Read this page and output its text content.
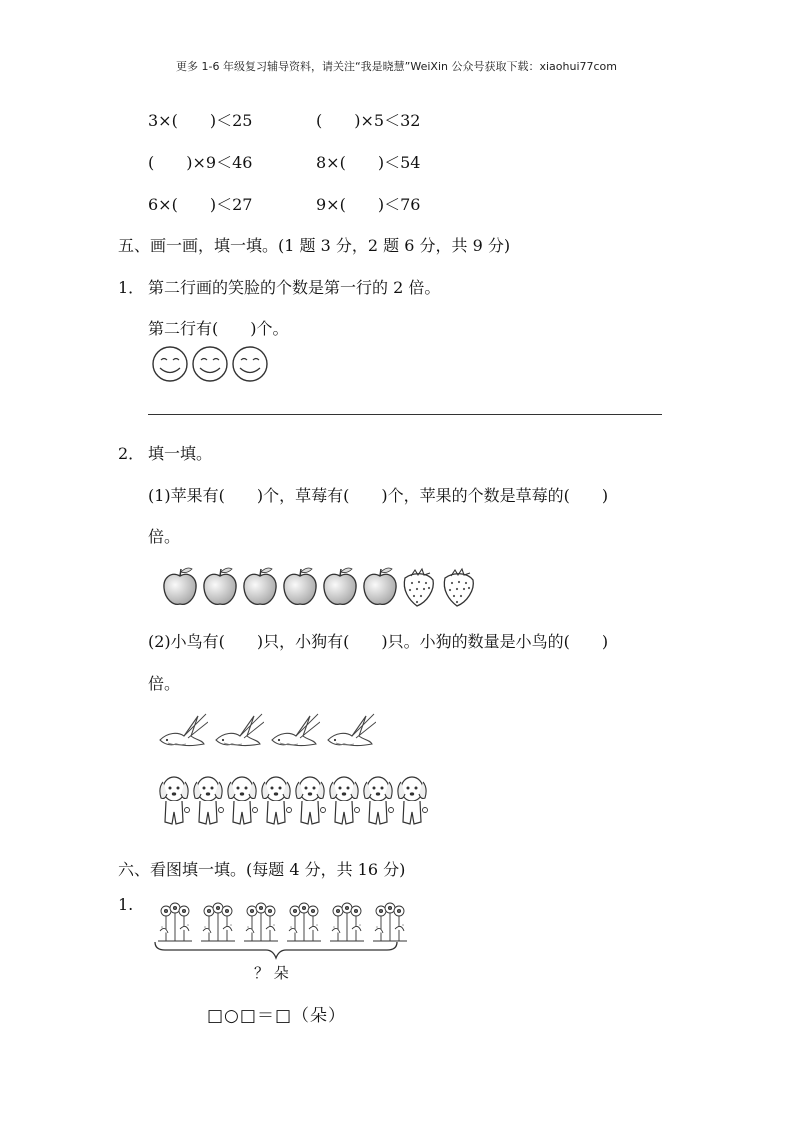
更多 1-6 年级复习辅导资料，请关注“我是晓慧”WeiXin 公众号获取下载：xiaohui77com
3×(　　)＜25	(　　)×5＜32
(　　)×9＜46	8×(　　)＜54
6×(　　)＜27	9×(　　)＜76
五、画一画，填一填。(1 题 3 分，2 题 6 分，共 9 分)
1． 第二行画的笑脸的个数是第一行的 2 倍。
第二行有(　　)个。
2． 填一填。
(1)苹果有(　　)个，草莓有(　　)个，苹果的个数是草莓的(　　)
倍。
(2)小鸟有(　　)只，小狗有(　　)只。小狗的数量是小鸟的(　　)
倍。
六、看图填一填。(每题 4 分，共 16 分)
1.
？ 朵
□○□＝□（朵）
